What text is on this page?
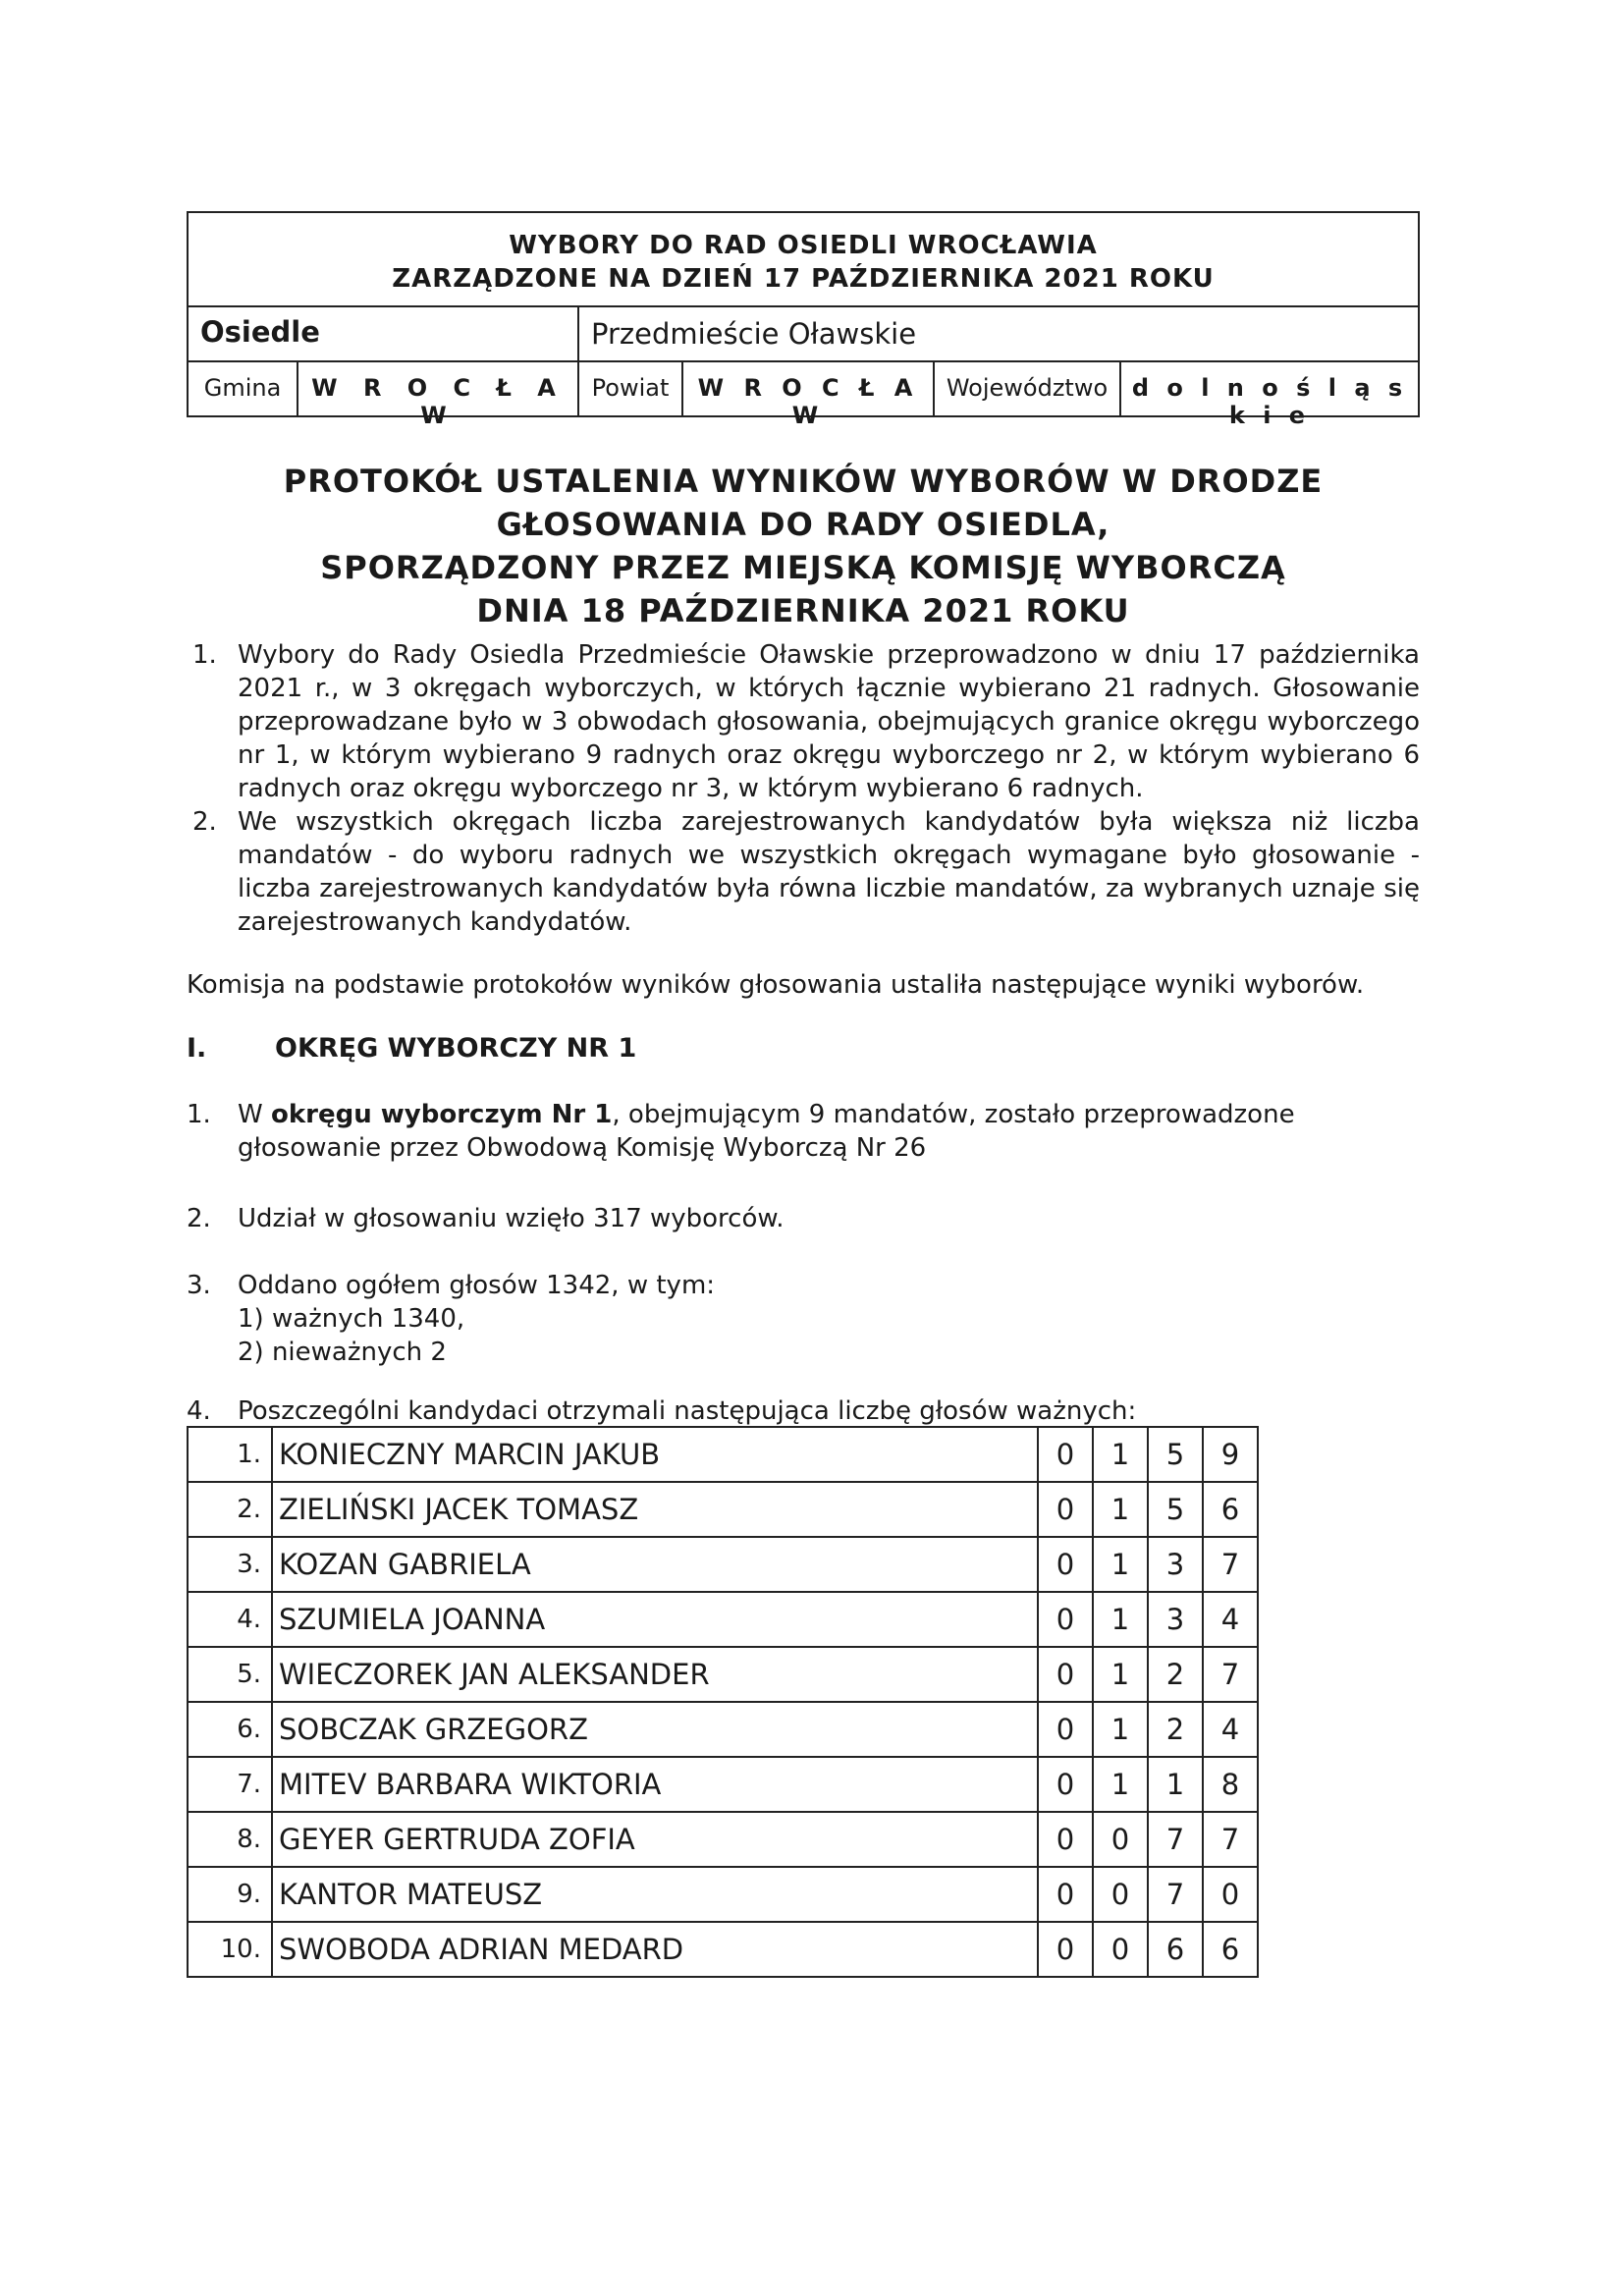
WYBORY DO RAD OSIEDLI WROCŁAWIA
ZARZĄDZONE NA DZIEŃ 17 PAŹDZIERNIKA 2021 ROKU
Osiedle	Przedmieście Oławskie
Gmina	W R O C Ł A W
Powiat	W R O C Ł A W
Województwo	d o l n o ś l ą s k i e
PROTOKÓŁ USTALENIA WYNIKÓW WYBORÓW W DRODZE
GŁOSOWANIA DO RADY OSIEDLA,
SPORZĄDZONY PRZEZ MIEJSKĄ KOMISJĘ WYBORCZĄ
DNIA 18 PAŹDZIERNIKA 2021 ROKU
1. Wybory do Rady Osiedla Przedmieście Oławskie przeprowadzono w dniu 17 października 2021 r., w 3 okręgach wyborczych, w których łącznie wybierano 21 radnych. Głosowanie przeprowadzane było w 3 obwodach głosowania, obejmujących granice okręgu wyborczego nr 1, w którym wybierano 9 radnych oraz okręgu wyborczego nr 2, w którym wybierano 6 radnych oraz okręgu wyborczego nr 3, w którym wybierano 6 radnych.
2. We wszystkich okręgach liczba zarejestrowanych kandydatów była większa niż liczba mandatów - do wyboru radnych we wszystkich okręgach wymagane było głosowanie - liczba zarejestrowanych kandydatów była równa liczbie mandatów, za wybranych uznaje się zarejestrowanych kandydatów.
Komisja na podstawie protokołów wyników głosowania ustaliła następujące wyniki wyborów.
I.	OKRĘG WYBORCZY NR 1
1. W okręgu wyborczym Nr 1, obejmującym 9 mandatów, zostało przeprowadzone
głosowanie przez Obwodową Komisję Wyborczą Nr 26
2. Udział w głosowaniu wzięło 317 wyborców.
3. Oddano ogółem głosów 1342, w tym:
1) ważnych 1340,
2) nieważnych 2
4. Poszczególni kandydaci otrzymali następująca liczbę głosów ważnych:
1.	KONIECZNY MARCIN JAKUB	0	1	5	9
2.	ZIELIŃSKI JACEK TOMASZ	0	1	5	6
3.	KOZAN GABRIELA	0	1	3	7
4.	SZUMIELA JOANNA	0	1	3	4
5.	WIECZOREK JAN ALEKSANDER	0	1	2	7
6.	SOBCZAK GRZEGORZ	0	1	2	4
7.	MITEV BARBARA WIKTORIA	0	1	1	8
8.	GEYER GERTRUDA ZOFIA	0	0	7	7
9.	KANTOR MATEUSZ	0	0	7	0
10.	SWOBODA ADRIAN MEDARD	0	0	6	6
